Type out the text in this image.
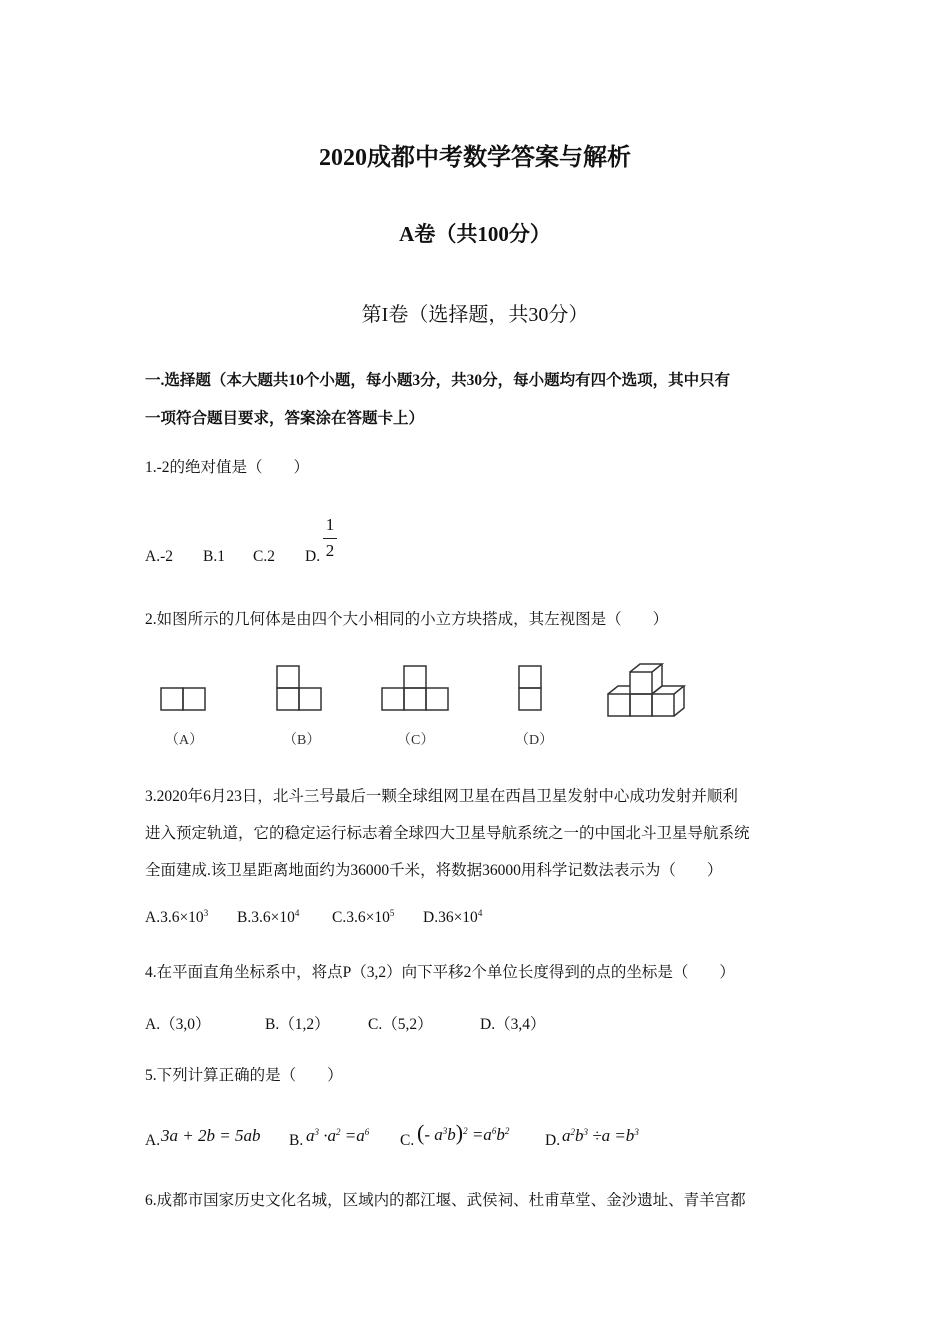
2020成都中考数学答案与解析
A卷（共100分）
第I卷（选择题，共30分）
一.选择题（本大题共10个小题，每小题3分，共30分，每小题均有四个选项，其中只有
一项符合题目要求，答案涂在答题卡上）
1.-2的绝对值是（　　）
A.-2 B.1 C.2 D.
1
2
2.如图所示的几何体是由四个大小相同的小立方块搭成，其左视图是（　　）
（A）	（B）	（C）	（D）
3.2020年6月23日，北斗三号最后一颗全球组网卫星在西昌卫星发射中心成功发射并顺利
进入预定轨道，它的稳定运行标志着全球四大卫星导航系统之一的中国北斗卫星导航系统
全面建成.该卫星距离地面约为36000千米，将数据36000用科学记数法表示为（　　）
$A.3.6\times 10^3$ $B.3.6\times 10^4$ $C.3.6\times 10^5$ $D.36\times 10^4$
4.在平面直角坐标系中，将点P（3,2）向下平移2个单位长度得到的点的坐标是（　　）
A.（3,0）	B.（1,2） C.（5,2）	D.（3,4）
5.下列计算正确的是（　　）
A. 3a + 2b = 5ab B. $a^3 \cdot a^2 =a^6$ C. (- $a^3b)^2 =a^6b^2$
D. $a^2b^3 \div a =b^3$
6.成都市国家历史文化名城，区域内的都江堰、武侯祠、杜甫草堂、金沙遗址、青羊宫都
